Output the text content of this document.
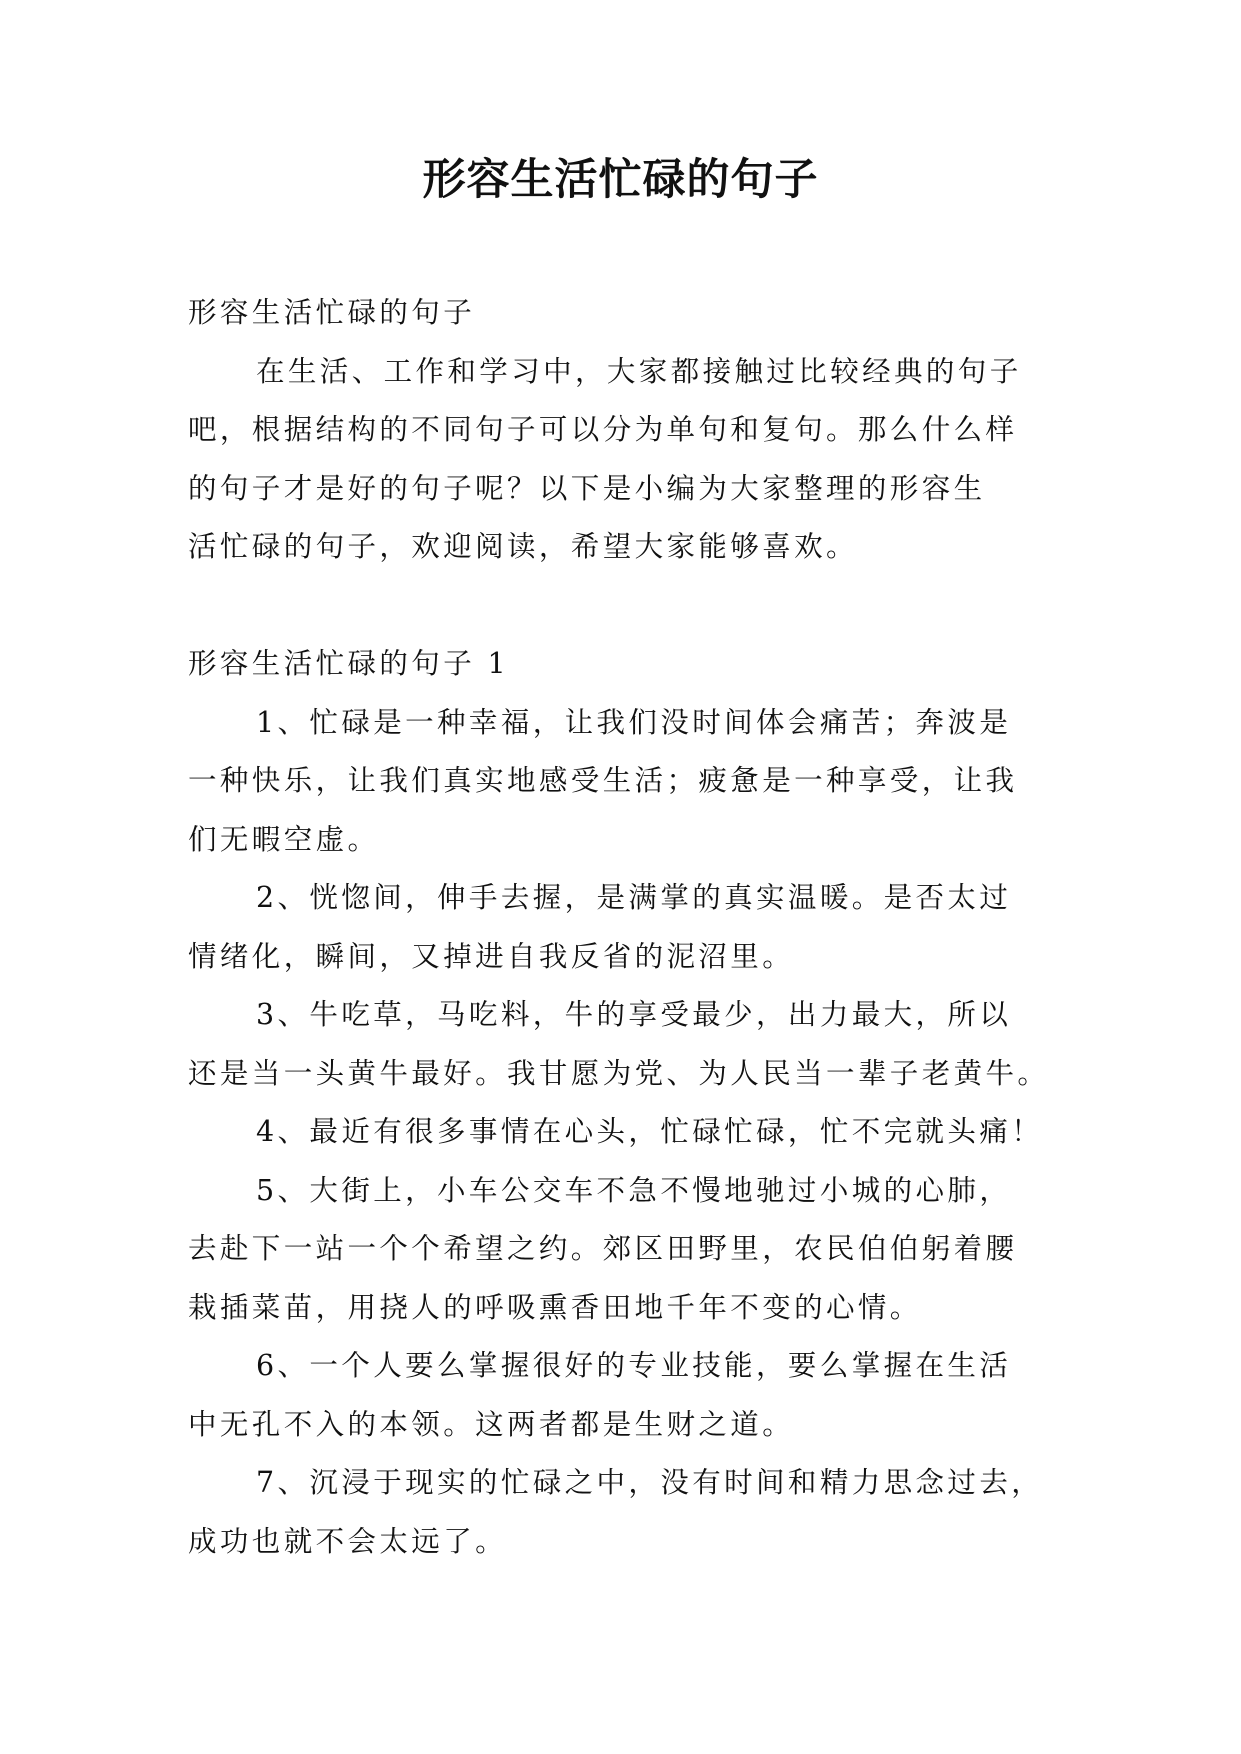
形容生活忙碌的句子

形容生活忙碌的句子

在生活、工作和学习中，大家都接触过比较经典的句子

吧，根据结构的不同句子可以分为单句和复句。那么什么样

的句子才是好的句子呢？以下是小编为大家整理的形容生

活忙碌的句子，欢迎阅读，希望大家能够喜欢。

形容生活忙碌的句子 1

1、忙碌是一种幸福，让我们没时间体会痛苦；奔波是

一种快乐，让我们真实地感受生活；疲惫是一种享受，让我

们无暇空虚。

2、恍惚间，伸手去握，是满掌的真实温暖。是否太过

情绪化，瞬间，又掉进自我反省的泥沼里。

3、牛吃草，马吃料，牛的享受最少，出力最大，所以

还是当一头黄牛最好。我甘愿为党、为人民当一辈子老黄牛。

4、最近有很多事情在心头，忙碌忙碌，忙不完就头痛！

5、大街上，小车公交车不急不慢地驰过小城的心肺，

去赴下一站一个个希望之约。郊区田野里，农民伯伯躬着腰

栽插菜苗，用挠人的呼吸熏香田地千年不变的心情。

6、一个人要么掌握很好的专业技能，要么掌握在生活

中无孔不入的本领。这两者都是生财之道。

7、沉浸于现实的忙碌之中，没有时间和精力思念过去，

成功也就不会太远了。
